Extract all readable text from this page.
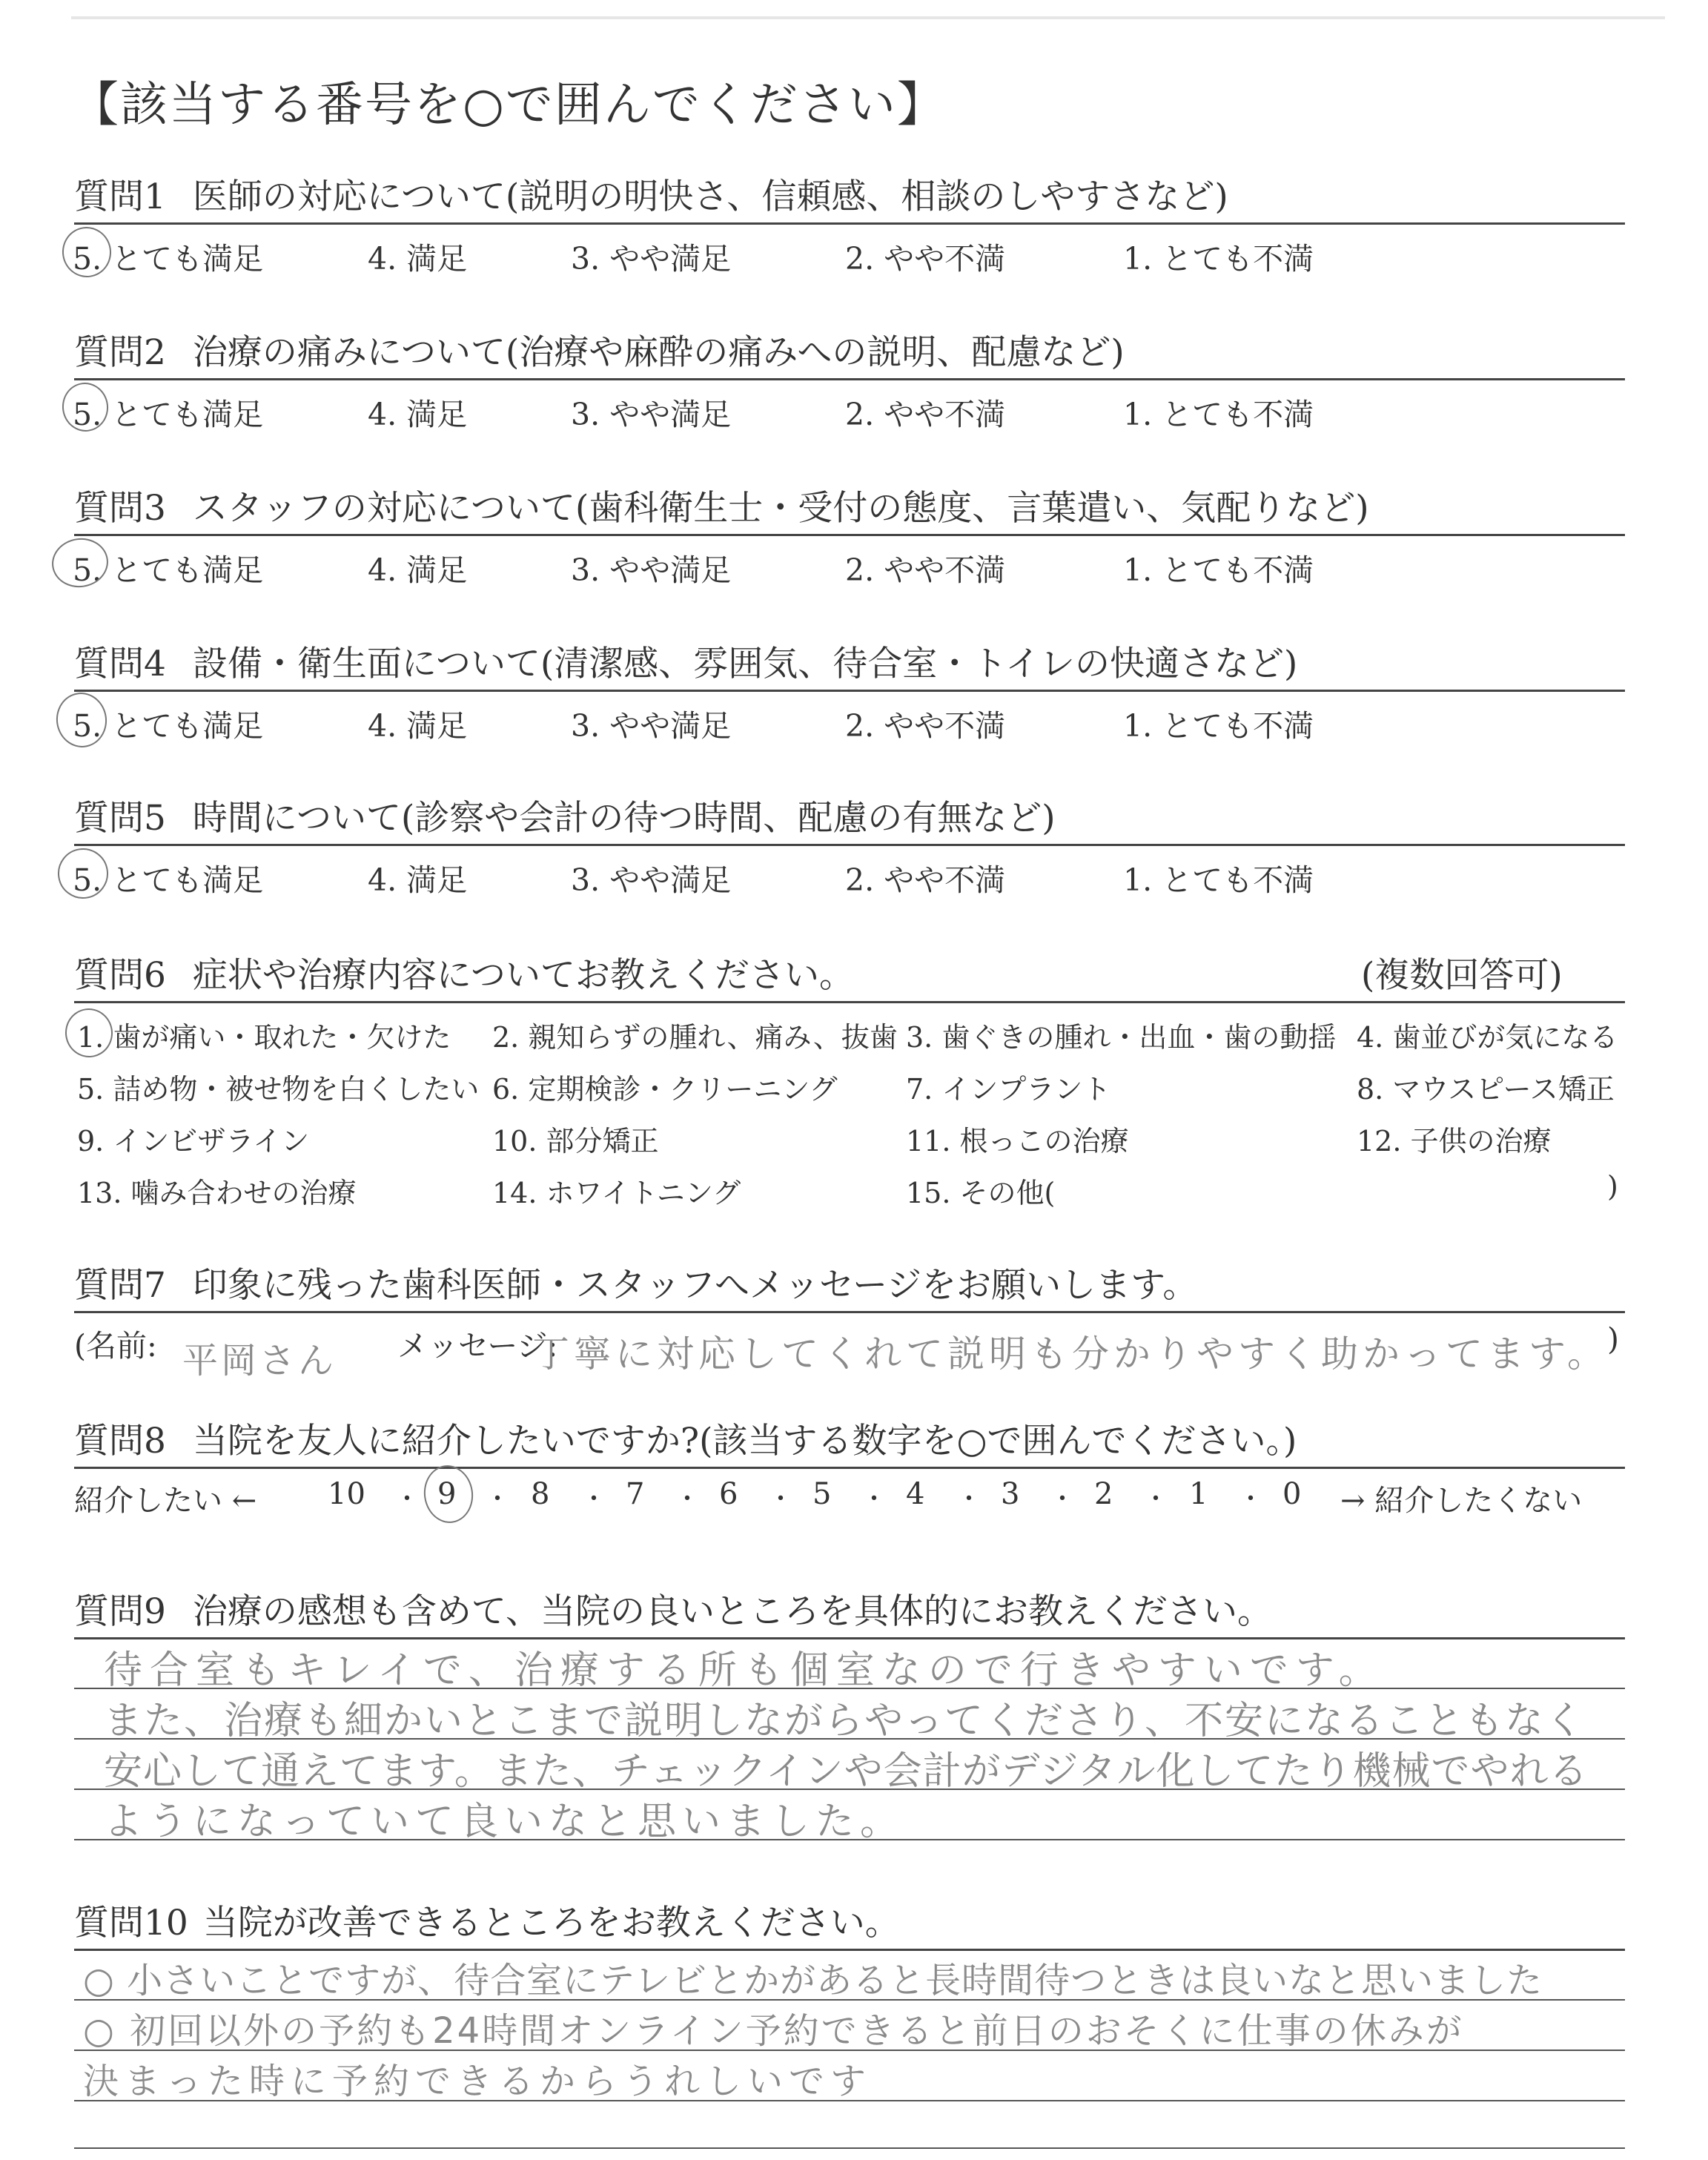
【該当する番号を○で囲んでください】
質問1 医師の対応について(説明の明快さ、信頼感、相談のしやすさなど)
5. とても満足	4. 満足	3. やや満足	2. やや不満	1. とても不満
質問2 治療の痛みについて(治療や麻酔の痛みへの説明、配慮など)
5. とても満足	4. 満足	3. やや満足	2. やや不満	1. とても不満
質問3 スタッフの対応について(歯科衛生士・受付の態度、言葉遣い、気配りなど)
5. とても満足	4. 満足	3. やや満足	2. やや不満	1. とても不満
質問4 設備・衛生面について(清潔感、雰囲気、待合室・トイレの快適さなど)
5. とても満足	4. 満足	3. やや満足	2. やや不満	1. とても不満
質問5 時間について(診察や会計の待つ時間、配慮の有無など)
5. とても満足	4. 満足	3. やや満足	2. やや不満	1. とても不満
質問6 症状や治療内容についてお教えください。	(複数回答可)
1. 歯が痛い・取れた・欠けた 2. 親知らずの腫れ、痛み、抜歯 3. 歯ぐきの腫れ・出血・歯の動揺 4. 歯並びが気になる
5. 詰め物・被せ物を白くしたい 6. 定期検診・クリーニング 7. インプラント	8. マウスピース矯正
9. インビザライン	10. 部分矯正	11. 根っこの治療	12. 子供の治療
13. 噛み合わせの治療	14. ホワイトニング	15. その他(	)
質問7 印象に残った歯科医師・スタッフへメッセージをお願いします。
(名前: 平岡さん メッセージ:
丁寧に対応してくれて説明も分かりやすく助かってます。
)
質問8 当院を友人に紹介したいですか?(該当する数字を○で囲んでください。)
紹介したい ← 10 ・ 9 ・ 8 ・ 7 ・ 6 ・ 5 ・ 4 ・ 3 ・ 2 ・ 1 ・ 0 → 紹介したくない
質問9 治療の感想も含めて、当院の良いところを具体的にお教えください。
待合室もキレイで、治療する所も個室なので行きやすいです。
また、治療も細かいとこまで説明しながらやってくださり、不安になることもなく
安心して通えてます。また、チェックインや会計がデジタル化してたり機械でやれる
ようになっていて良いなと思いました。
質問10 当院が改善できるところをお教えください。
○ 小さいことですが、待合室にテレビとかがあると長時間待つときは良いなと思いました
○ 初回以外の予約も24時間オンライン予約できると前日のおそくに仕事の休みが
決まった時に予約できるからうれしいです
